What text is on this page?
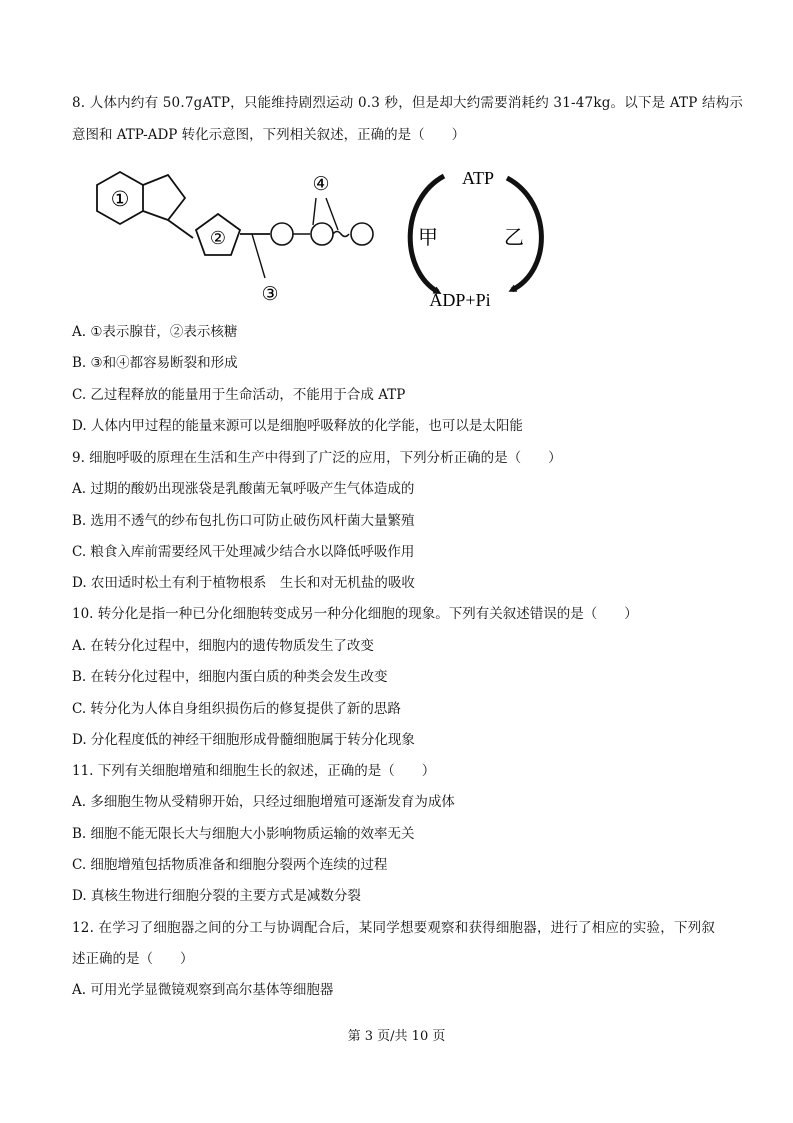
8. 人体内约有 50.7gATP，只能维持剧烈运动 0.3 秒，但是却大约需要消耗约 31-47kg。以下是 ATP 结构示
意图和 ATP-ADP 转化示意图，下列相关叙述，正确的是（　　）
①
②
③
④	ATP
ADP+Pi
甲	乙
A. ①表示腺苷，②表示核糖
B. ③和④都容易断裂和形成
C. 乙过程释放的能量用于生命活动，不能用于合成 ATP
D. 人体内甲过程的能量来源可以是细胞呼吸释放的化学能，也可以是太阳能
9. 细胞呼吸的原理在生活和生产中得到了广泛的应用，下列分析正确的是（　　）
A. 过期的酸奶出现涨袋是乳酸菌无氧呼吸产生气体造成的
B. 选用不透气的纱布包扎伤口可防止破伤风杆菌大量繁殖
C. 粮食入库前需要经风干处理减少结合水以降低呼吸作用
D. 农田适时松土有利于植物根系　生长和对无机盐的吸收
10. 转分化是指一种已分化细胞转变成另一种分化细胞的现象。下列有关叙述错误的是（　　）
A. 在转分化过程中，细胞内的遗传物质发生了改变
B. 在转分化过程中，细胞内蛋白质的种类会发生改变
C. 转分化为人体自身组织损伤后的修复提供了新的思路
D. 分化程度低的神经干细胞形成骨髓细胞属于转分化现象
11. 下列有关细胞增殖和细胞生长的叙述，正确的是（　　）
A. 多细胞生物从受精卵开始，只经过细胞增殖可逐渐发育为成体
B. 细胞不能无限长大与细胞大小影响物质运输的效率无关
C. 细胞增殖包括物质准备和细胞分裂两个连续的过程
D. 真核生物进行细胞分裂的主要方式是减数分裂
12. 在学习了细胞器之间的分工与协调配合后，某同学想要观察和获得细胞器，进行了相应的实验，下列叙
述正确的是（　　）
A. 可用光学显微镜观察到高尔基体等细胞器
第 3 页/共 10 页
